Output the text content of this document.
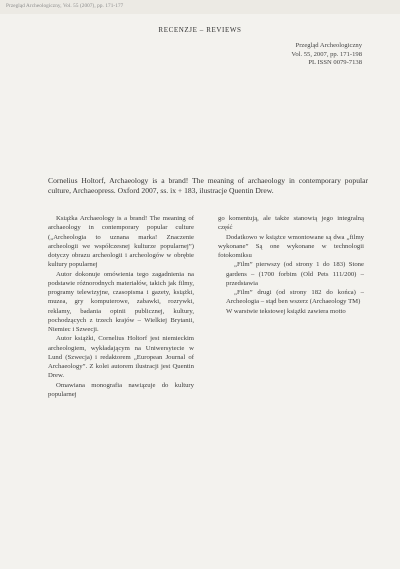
Przegląd Archeologiczny, Vol. 55 (2007), pp. 171-177
RECENZJE – REVIEWS
Przegląd Archeologiczny
Vol. 55, 2007, pp. 171-198
PL ISSN 0079-7138
Cornelius Holtorf, Archaeology is a brand! The meaning of archaeology in contemporary popular culture, Archaeopress. Oxford 2007, ss. ix + 183, ilustracje Quentin Drew.

Książka Archaeology is a brand! The meaning of archaeology in contemporary popular culture („Archeologia to uznana marka! Znaczenie archeologii we współczesnej kulturze popularnej”) dotyczy obrazu archeologii i archeologów w obrębie kultury popularnej

Autor dokonuje omówienia tego zagadnienia na podstawie różnorodnych materiałów, takich jak filmy, programy telewizyjne, czasopisma i gazety, książki, muzea, gry komputerowe, zabawki, rozrywki, reklamy, badania opinii publicznej, kultury, pochodzących z trzech krajów – Wielkiej Brytanii, Niemiec i Szwecji.

Autor książki, Cornelius Holtorf jest niemieckim archeologiem, wykładającym na Uniwersytecie w Lund (Szwecja) i redaktorem „European Journal of Archaeology”. Z kolei autorem ilustracji jest Quentin Drew.

Omawiana monografia nawiązuje do kultury popularnej

go komentują, ale także stanowią jego integralną część

Dodatkowo w książce wmontowane są dwa „filmy wykonane” Są one wykonane w technologii fotokomiksu

„Film” pierwszy (od strony 1 do 183) Stone gardens – (1700 forbim (Old Pets 111/200) – przedstawia

„Film” drugi (od strony 182 do końca) – Archeologia – stąd ben wszerz (Archaeology TM)

W warstwie tekstowej książki zawiera motto
